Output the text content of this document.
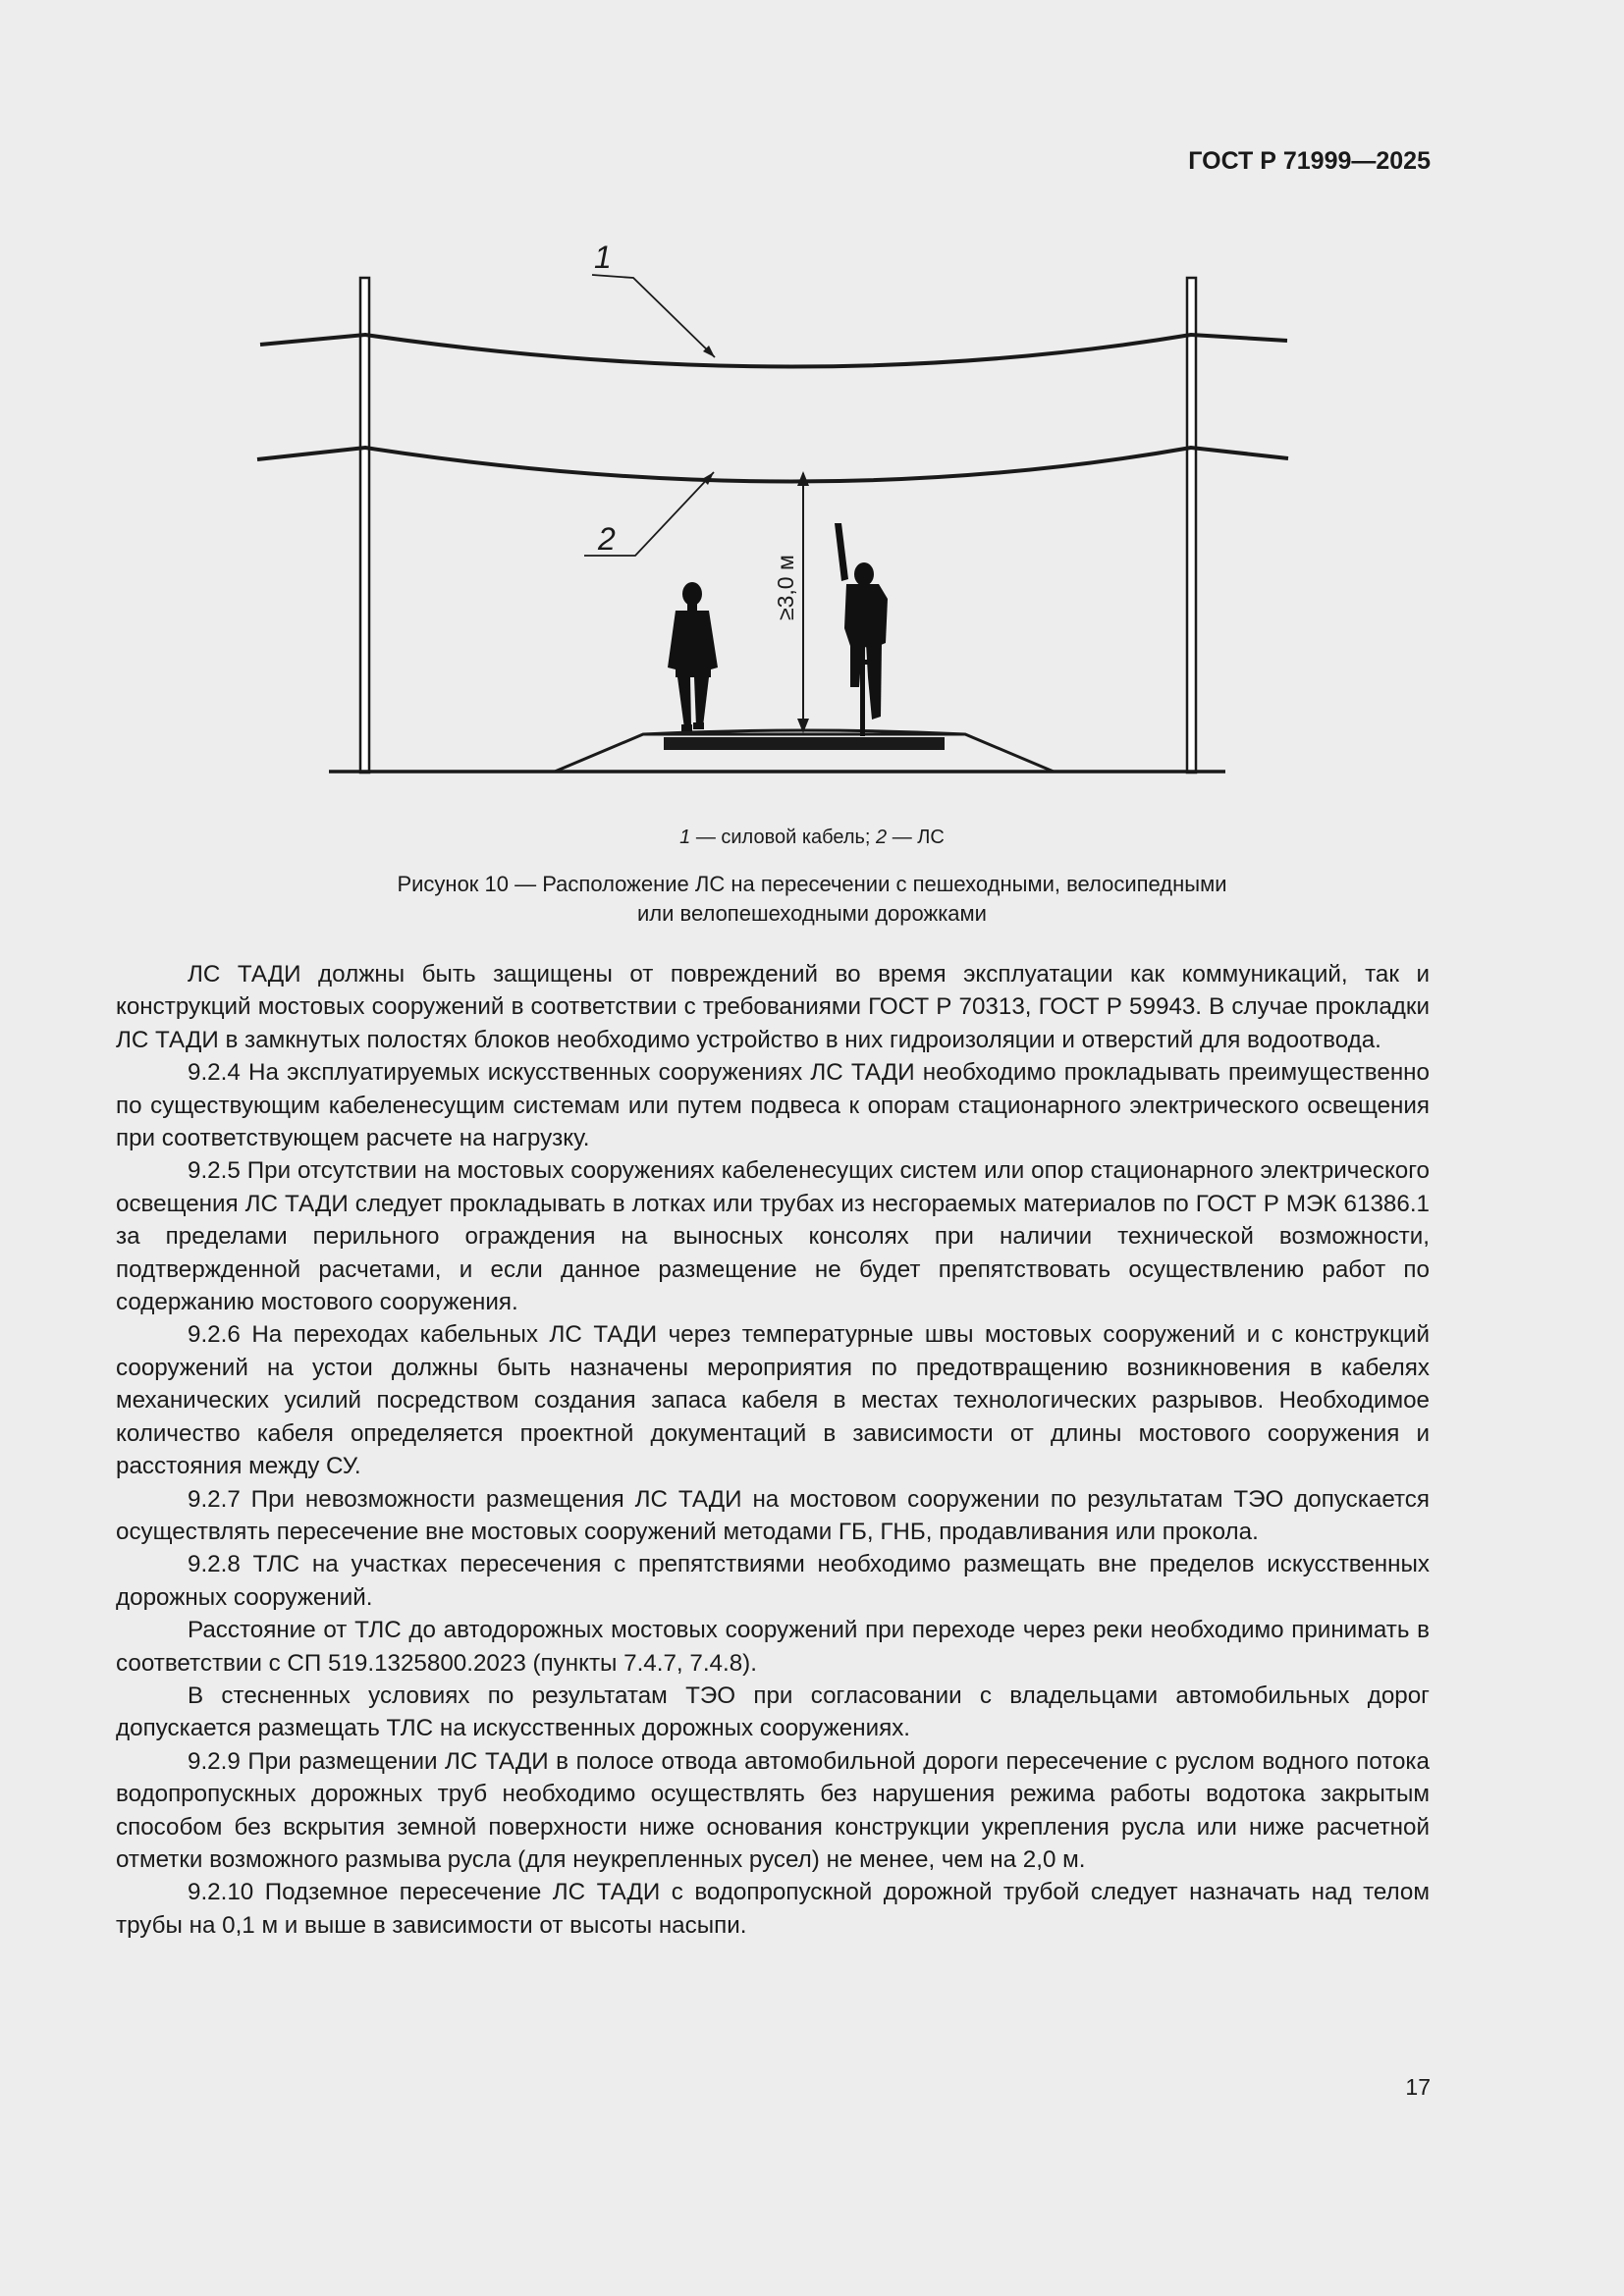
ГОСТ Р 71999—2025
1
2
≥3,0 м
1 — силовой кабель; 2 — ЛС
Рисунок 10 — Расположение ЛС на пересечении с пешеходными, велосипедными
или велопешеходными дорожками

ЛС ТАДИ должны быть защищены от повреждений во время эксплуатации как коммуникаций, так и конструкций мостовых сооружений в соответствии с требованиями ГОСТ Р 70313, ГОСТ Р 59943. В случае прокладки ЛС ТАДИ в замкнутых полостях блоков необходимо устройство в них гидроизоляции и отверстий для водоотвода.

9.2.4 На эксплуатируемых искусственных сооружениях ЛС ТАДИ необходимо прокладывать преимущественно по существующим кабеленесущим системам или путем подвеса к опорам стационарного электрического освещения при соответствующем расчете на нагрузку.

9.2.5 При отсутствии на мостовых сооружениях кабеленесущих систем или опор стационарного электрического освещения ЛС ТАДИ следует прокладывать в лотках или трубах из несгораемых материалов по ГОСТ Р МЭК 61386.1 за пределами перильного ограждения на выносных консолях при наличии технической возможности, подтвержденной расчетами, и если данное размещение не будет препятствовать осуществлению работ по содержанию мостового сооружения.

9.2.6 На переходах кабельных ЛС ТАДИ через температурные швы мостовых сооружений и с конструкций сооружений на устои должны быть назначены мероприятия по предотвращению возникновения в кабелях механических усилий посредством создания запаса кабеля в местах технологических разрывов. Необходимое количество кабеля определяется проектной документаций в зависимости от длины мостового сооружения и расстояния между СУ.

9.2.7 При невозможности размещения ЛС ТАДИ на мостовом сооружении по результатам ТЭО допускается осуществлять пересечение вне мостовых сооружений методами ГБ, ГНБ, продавливания или прокола.

9.2.8 ТЛС на участках пересечения с препятствиями необходимо размещать вне пределов искусственных дорожных сооружений.

Расстояние от ТЛС до автодорожных мостовых сооружений при переходе через реки необходимо принимать в соответствии с СП 519.1325800.2023 (пункты 7.4.7, 7.4.8).

В стесненных условиях по результатам ТЭО при согласовании с владельцами автомобильных дорог допускается размещать ТЛС на искусственных дорожных сооружениях.

9.2.9 При размещении ЛС ТАДИ в полосе отвода автомобильной дороги пересечение с руслом водного потока водопропускных дорожных труб необходимо осуществлять без нарушения режима работы водотока закрытым способом без вскрытия земной поверхности ниже основания конструкции укрепления русла или ниже расчетной отметки возможного размыва русла (для неукрепленных русел) не менее, чем на 2,0 м.

9.2.10 Подземное пересечение ЛС ТАДИ с водопропускной дорожной трубой следует назначать над телом трубы на 0,1 м и выше в зависимости от высоты насыпи.

17
